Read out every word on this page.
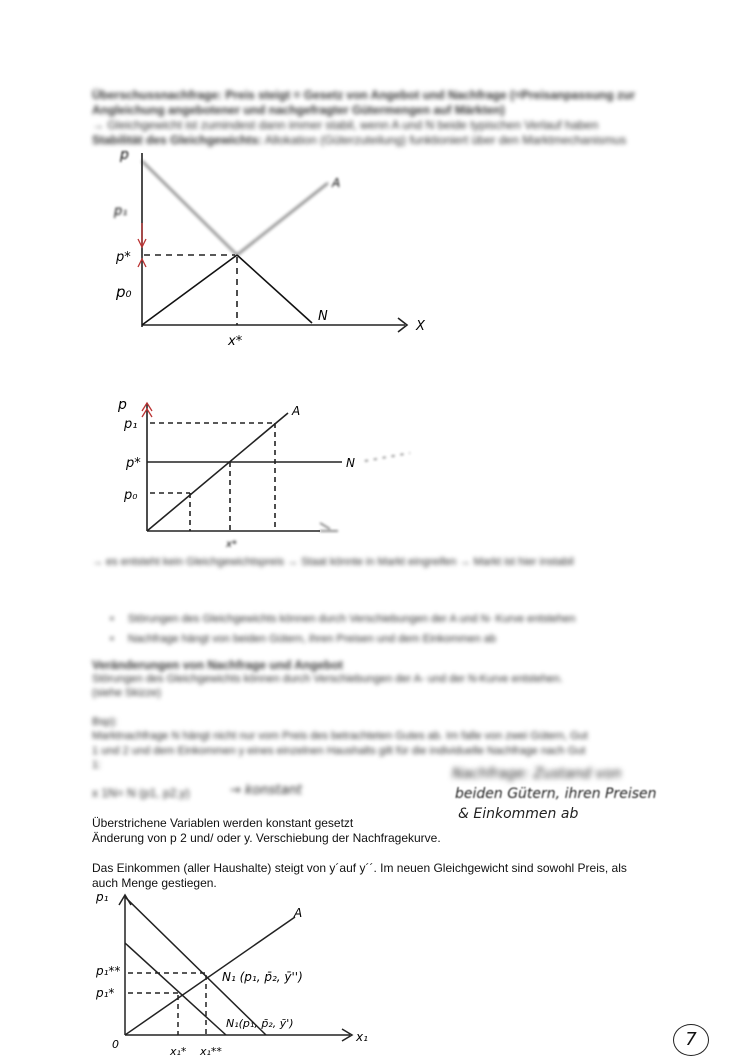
Überschussnachfrage: Preis steigt = Gesetz von Angebot und Nachfrage (=Preisanpassung zur
Angleichung angebotener und nachgefragter Gütermengen auf Märkten)
→ Gleichgewicht ist zumindest dann immer stabil, wenn A und N beide typischen Verlauf haben
Stabilität des Gleichgewichts: Allokation (Güterzuteilung) funktioniert über den Marktmechanismus
p
p₁
p*
p₀
A
N
X
x*
p
p₁
p*
p₀
A
N
x*
→ es entsteht kein Gleichgewichtspreis → Staat könnte in Markt eingreifen → Markt ist hier instabil
• Störungen des Gleichgewichts können durch Verschiebungen der A und N- Kurve entstehen
• Nachfrage hängt von beiden Gütern, ihren Preisen und dem Einkommen ab
Veränderungen von Nachfrage und Angebot
Störungen des Gleichgewichts können durch Verschiebungen der A- und der N-Kurve entstehen.
(siehe Skizze)
Bsp):
Marktnachfrage N hängt nicht nur vom Preis des betrachteten Gutes ab. Im falle von zwei Gütern, Gut
1 und 2 und dem Einkommen y eines einzelnen Haushalts gilt für die individuelle Nachfrage nach Gut
1:
x 1N= N (p1, p2,y)	→ konstant
Nachfrage: Zustand von
beiden Gütern, ihren Preisen
& Einkommen ab
Überstrichene Variablen werden konstant gesetzt
Änderung von p 2 und/ oder y. Verschiebung der Nachfragekurve.
Das Einkommen (aller Haushalte) steigt von y´auf y´´. Im neuen Gleichgewicht sind sowohl Preis, als
auch Menge gestiegen.
p₁
A
p₁**
p₁*
0
N₁ (p₁, p̄₂, ȳ'')
N₁(p₁, p̄₂, ȳ')
x₁
x₁* x₁**
7
